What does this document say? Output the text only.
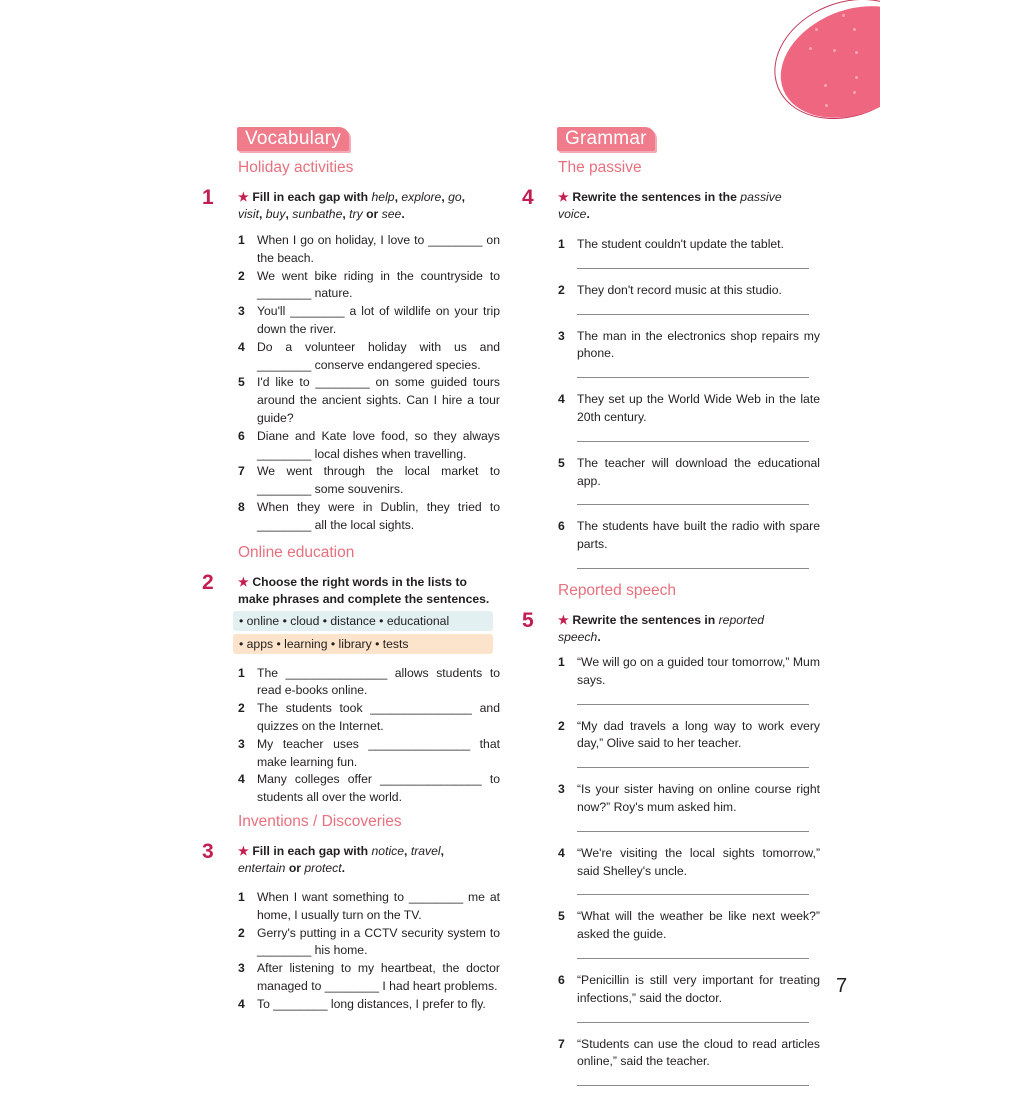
Vocabulary
Holiday activities
1 ★ Fill in each gap with help, explore, go,
visit, buy, sunbathe, try or see.
1	When I go on holiday, I love to ________ on the beach.
2	We went bike riding in the countryside to ________ nature.
3	You'll ________ a lot of wildlife on your trip down the river.
4	Do a volunteer holiday with us and ________ conserve endangered species.
5	I'd like to ________ on some guided tours around the ancient sights. Can I hire a tour guide?
6	Diane and Kate love food, so they always ________ local dishes when travelling.
7	We went through the local market to ________ some souvenirs.
8	When they were in Dublin, they tried to ________ all the local sights.
Online education
2 ★ Choose the right words in the lists to
make phrases and complete the sentences.
• online • cloud • distance • educational
• apps • learning • library • tests
1	The _______________ allows students to read e-books online.
2	The students took _______________ and quizzes on the Internet.
3	My teacher uses _______________ that make learning fun.
4	Many colleges offer _______________ to students all over the world.
Inventions / Discoveries
3 ★ Fill in each gap with notice, travel,
entertain or protect.
1	When I want something to ________ me at home, I usually turn on the TV.
2	Gerry's putting in a CCTV security system to ________ his home.
3	After listening to my heartbeat, the doctor managed to ________ I had heart problems.
4	To ________ long distances, I prefer to fly.
Grammar
The passive
4 ★ Rewrite the sentences in the passive
voice.
1	The student couldn't update the tablet.
2	They don't record music at this studio.
3	The man in the electronics shop repairs my phone.
4	They set up the World Wide Web in the late 20th century.
5	The teacher will download the educational app.
6	The students have built the radio with spare parts.
Reported speech
5 ★ Rewrite the sentences in reported
speech.
1	“We will go on a guided tour tomorrow,” Mum says.
2	“My dad travels a long way to work every day,” Olive said to her teacher.
3	“Is your sister having on online course right now?” Roy's mum asked him.
4	“We're visiting the local sights tomorrow,” said Shelley's uncle.
5	“What will the weather be like next week?” asked the guide.
6	“Penicillin is still very important for treating infections,” said the doctor.
7	“Students can use the cloud to read articles online,” said the teacher.
7
